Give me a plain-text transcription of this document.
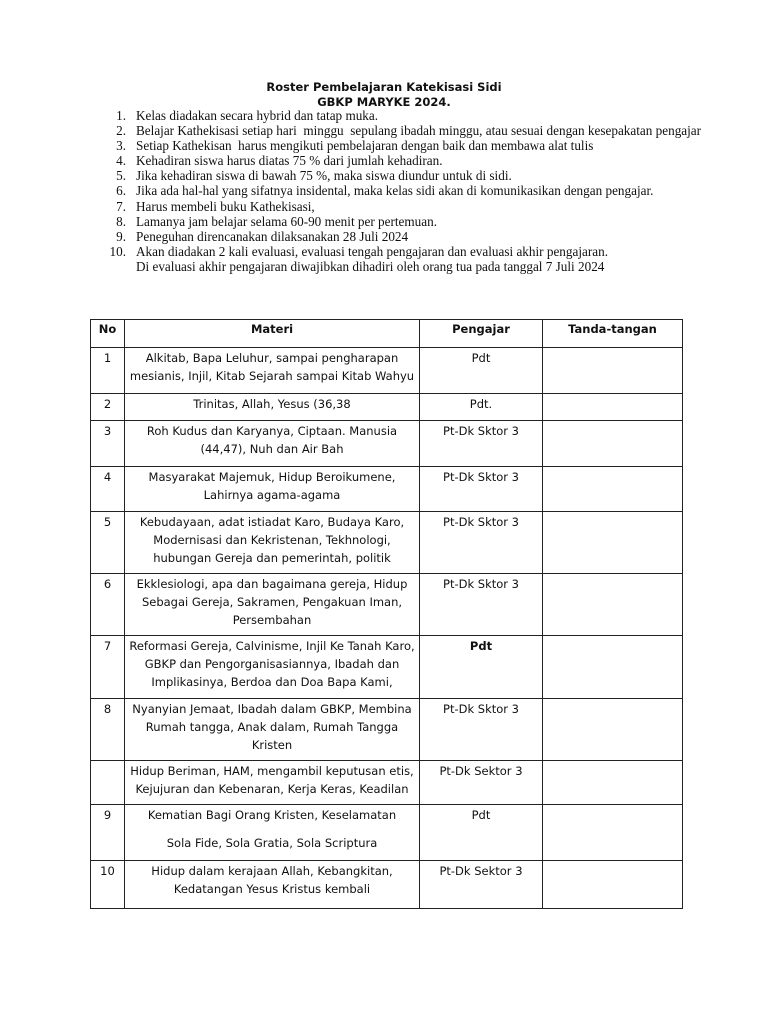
Roster Pembelajaran Katekisasi Sidi
GBKP MARYKE 2024.
1. Kelas diadakan secara hybrid dan tatap muka.
2. Belajar Kathekisasi setiap hari  minggu  sepulang ibadah minggu, atau sesuai dengan kesepakatan pengajar
3. Setiap Kathekisan  harus mengikuti pembelajaran dengan baik dan membawa alat tulis
4. Kehadiran siswa harus diatas 75 % dari jumlah kehadiran.
5. Jika kehadiran siswa di bawah 75 %, maka siswa diundur untuk di sidi.
6. Jika ada hal-hal yang sifatnya insidental, maka kelas sidi akan di komunikasikan dengan pengajar.
7. Harus membeli buku Kathekisasi,
8. Lamanya jam belajar selama 60-90 menit per pertemuan.
9. Peneguhan direncanakan dilaksanakan 28 Juli 2024
10. Akan diadakan 2 kali evaluasi, evaluasi tengah pengajaran dan evaluasi akhir pengajaran.
Di evaluasi akhir pengajaran diwajibkan dihadiri oleh orang tua pada tanggal 7 Juli 2024
No	Materi	Pengajar	Tanda-tangan
1	Alkitab, Bapa Leluhur, sampai pengharapan
mesianis, Injil, Kitab Sejarah sampai Kitab Wahyu	Pdt	
2	Trinitas, Allah, Yesus (36,38	Pdt.	
3	Roh Kudus dan Karyanya, Ciptaan. Manusia
(44,47), Nuh dan Air Bah	Pt-Dk Sktor 3	
4	Masyarakat Majemuk, Hidup Beroikumene,
Lahirnya agama-agama	Pt-Dk Sktor 3	
5	Kebudayaan, adat istiadat Karo, Budaya Karo,
Modernisasi dan Kekristenan, Tekhnologi,
hubungan Gereja dan pemerintah, politik	Pt-Dk Sktor 3	
6	Ekklesiologi, apa dan bagaimana gereja, Hidup
Sebagai Gereja, Sakramen, Pengakuan Iman,
Persembahan	Pt-Dk Sktor 3	
7	Reformasi Gereja, Calvinisme, Injil Ke Tanah Karo,
GBKP dan Pengorganisasiannya, Ibadah dan
Implikasinya, Berdoa dan Doa Bapa Kami,	Pdt	
8	Nyanyian Jemaat, Ibadah dalam GBKP, Membina
Rumah tangga, Anak dalam, Rumah Tangga
Kristen	Pt-Dk Sktor 3	

	Hidup Beriman, HAM, mengambil keputusan etis,
Kejujuran dan Kebenaran, Kerja Keras, Keadilan	Pt-Dk Sektor 3	
9	Kematian Bagi Orang Kristen, Keselamatan
Sola Fide, Sola Gratia, Sola Scriptura	Pdt	
10	Hidup dalam kerajaan Allah, Kebangkitan,
Kedatangan Yesus Kristus kembali	Pt-Dk Sektor 3	
